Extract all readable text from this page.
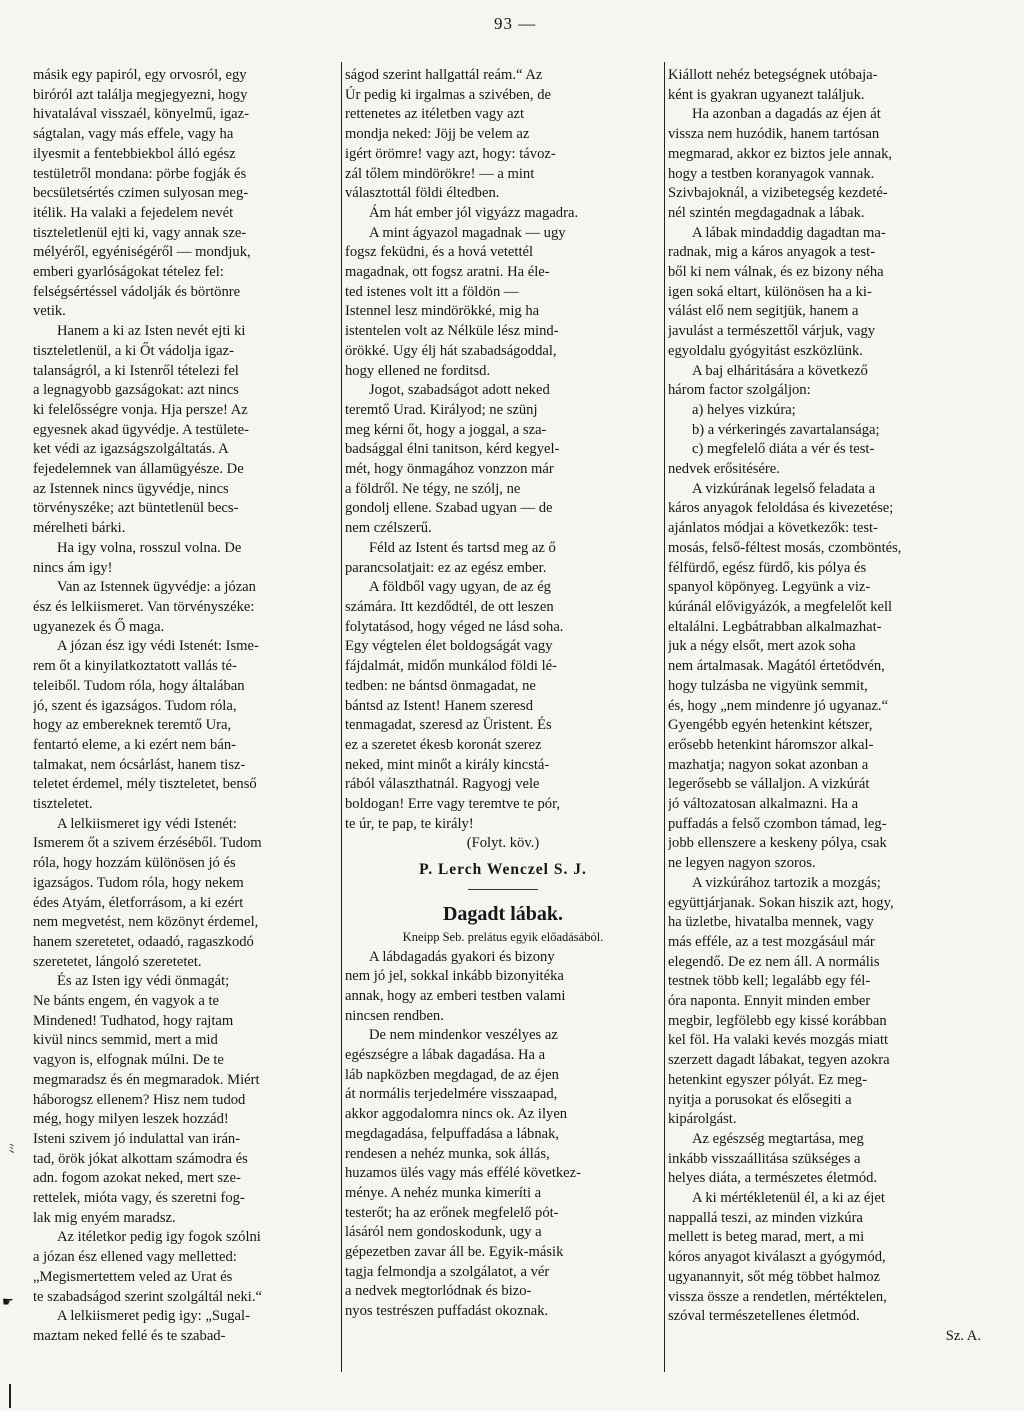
93 —

másik egy papiról, egy orvosról, egy

biróról azt találja megjegyezni, hogy

hivatalával visszaél, könyelmű, igaz-

ságtalan, vagy más effele, vagy ha

ilyesmit a fentebbiekbol álló egész

testületről mondana: pörbe fogják és

becsületsértés czimen sulyosan meg-

itélik. Ha valaki a fejedelem nevét

tiszteletlenül ejti ki, vagy annak sze-

mélyéről, egyéniségéről — mondjuk,

emberi gyarlóságokat tételez fel:

felségsértéssel vádolják és börtönre

vetik.

Hanem a ki az Isten nevét ejti ki

tiszteletlenül, a ki Őt vádolja igaz-

talanságról, a ki Istenről tételezi fel

a legnagyobb gazságokat: azt nincs

ki felelősségre vonja. Hja persze! Az

egyesnek akad ügyvédje. A testülete-

ket védi az igazságszolgáltatás. A

fejedelemnek van államügyésze. De

az Istennek nincs ügyvédje, nincs

törvényszéke; azt büntetlenül becs-

mérelheti bárki.

Ha igy volna, rosszul volna. De

nincs ám igy!

Van az Istennek ügyvédje: a józan

ész és lelkiismeret. Van törvényszéke:

ugyanezek és Ő maga.

A józan ész igy védi Istenét: Isme-

rem őt a kinyilatkoztatott vallás té-

teleiből. Tudom róla, hogy általában

jó, szent és igazságos. Tudom róla,

hogy az embereknek teremtő Ura,

fentartó eleme, a ki ezért nem bán-

talmakat, nem ócsárlást, hanem tisz-

teletet érdemel, mély tiszteletet, benső

tiszteletet.

A lelkiismeret igy védi Istenét:

Ismerem őt a szivem érzéséből. Tudom

róla, hogy hozzám különösen jó és

igazságos. Tudom róla, hogy nekem

édes Atyám, életforrásom, a ki ezért

nem megvetést, nem közönyt érdemel,

hanem szeretetet, odaadó, ragaszkodó

szeretetet, lángoló szeretetet.

És az Isten igy védi önmagát;

Ne bánts engem, én vagyok a te

Mindened! Tudhatod, hogy rajtam

kivül nincs semmid, mert a mid

vagyon is, elfognak múlni. De te

megmaradsz és én megmaradok. Miért

háborogsz ellenem? Hisz nem tudod

még, hogy milyen leszek hozzád!

Isteni szivem jó indulattal van irán-

tad, örök jókat alkottam számodra és

adn. fogom azokat neked, mert sze-

rettelek, mióta vagy, és szeretni fog-

lak mig enyém maradsz.

Az itéletkor pedig igy fogok szólni

a józan ész ellened vagy melletted:

„Megismertettem veled az Urat és

te szabadságod szerint szolgáltál neki.“

A lelkiismeret pedig igy: „Sugal-

maztam neked fellé és te szabad-

ságod szerint hallgattál reám.“ Az

Úr pedig ki irgalmas a szivében, de

rettenetes az itéletben vagy azt

mondja neked: Jöjj be velem az

igért örömre! vagy azt, hogy: távoz-

zál tőlem mindörökre! — a mint

választottál földi éltedben.

Ám hát ember jól vigyázz magadra.

A mint ágyazol magadnak — ugy

fogsz feküdni, és a hová vetettél

magadnak, ott fogsz aratni. Ha éle-

ted istenes volt itt a földön —

Istennel lesz mindörökké, mig ha

istentelen volt az Nélküle lész mind-

örökké. Ugy élj hát szabadságoddal,

hogy ellened ne forditsd.

Jogot, szabadságot adott neked

teremtő Urad. Királyod; ne szünj

meg kérni őt, hogy a joggal, a sza-

badsággal élni tanitson, kérd kegyel-

mét, hogy önmagához vonzzon már

a földről. Ne tégy, ne szólj, ne

gondolj ellene. Szabad ugyan — de

nem czélszerű.

Féld az Istent és tartsd meg az ő

parancsolatjait: ez az egész ember.

A földből vagy ugyan, de az ég

számára. Itt kezdődtél, de ott leszen

folytatásod, hogy véged ne lásd soha.

Egy végtelen élet boldogságát vagy

fájdalmát, midőn munkálod földi lé-

tedben: ne bántsd önmagadat, ne

bántsd az Istent! Hanem szeresd

tenmagadat, szeresd az Üristent. És

ez a szeretet ékesb koronát szerez

neked, mint minőt a király kincstá-

rából választhatnál. Ragyogj vele

boldogan! Erre vagy teremtve te pór,

te úr, te pap, te király!

(Folyt. köv.)

P. Lerch Wenczel S. J.

Dagadt lábak.

Kneipp Seb. prelátus egyik előadásából.

A lábdagadás gyakori és bizony

nem jó jel, sokkal inkább bizonyitéka

annak, hogy az emberi testben valami

nincsen rendben.

De nem mindenkor veszélyes az

egészségre a lábak dagadása. Ha a

láb napközben megdagad, de az éjen

át normális terjedelmére visszaapad,

akkor aggodalomra nincs ok. Az ilyen

megdagadása, felpuffadása a lábnak,

rendesen a nehéz munka, sok állás,

huzamos ülés vagy más effélé következ-

ménye. A nehéz munka kimeríti a

testerőt; ha az erőnek megfelelő pót-

lásáról nem gondoskodunk, ugy a

gépezetben zavar áll be. Egyik-másik

tagja felmondja a szolgálatot, a vér

a nedvek megtorlódnak és bizo-

nyos testrészen puffadást okoznak.

Kiállott nehéz betegségnek utóbaja-

ként is gyakran ugyanezt találjuk.

Ha azonban a dagadás az éjen át

vissza nem huzódik, hanem tartósan

megmarad, akkor ez biztos jele annak,

hogy a testben koranyagok vannak.

Szivbajoknál, a vizibetegség kezdeté-

nél szintén megdagadnak a lábak.

A lábak mindaddig dagadtan ma-

radnak, mig a káros anyagok a test-

ből ki nem válnak, és ez bizony néha

igen soká eltart, különösen ha a ki-

válást elő nem segitjük, hanem a

javulást a természettől várjuk, vagy

egyoldalu gyógyitást eszközlünk.

A baj elháritására a következő

három factor szolgáljon:

a) helyes vizkúra;

b) a vérkeringés zavartalansága;

c) megfelelő diáta a vér és test-

nedvek erősitésére.

A vizkúrának legelső feladata a

káros anyagok feloldása és kivezetése;

ajánlatos módjai a következők: test-

mosás, felső-féltest mosás, czomböntés,

félfürdő, egész fürdő, kis pólya és

spanyol köpönyeg. Legyünk a viz-

kúránál elővigyázók, a megfelelőt kell

eltalálni. Legbátrabban alkalmazhat-

juk a négy elsőt, mert azok soha

nem ártalmasak. Magától értetődvén,

hogy tulzásba ne vigyünk semmit,

és, hogy „nem mindenre jó ugyanaz.“

Gyengébb egyén hetenkint kétszer,

erősebb hetenkint háromszor alkal-

mazhatja; nagyon sokat azonban a

legerősebb se vállaljon. A vizkúrát

jó változatosan alkalmazni. Ha a

puffadás a felső czombon támad, leg-

jobb ellenszere a keskeny pólya, csak

ne legyen nagyon szoros.

A vizkúrához tartozik a mozgás;

együttjárjanak. Sokan hiszik azt, hogy,

ha üzletbe, hivatalba mennek, vagy

más efféle, az a test mozgásául már

elegendő. De ez nem áll. A normális

testnek több kell; legalább egy fél-

óra naponta. Ennyit minden ember

megbir, legfölebb egy kissé korábban

kel föl. Ha valaki kevés mozgás miatt

szerzett dagadt lábakat, tegyen azokra

hetenkint egyszer pólyát. Ez meg-

nyitja a porusokat és elősegiti a

kipárolgást.

Az egészség megtartása, meg

inkább visszaállitása szükséges a

helyes diáta, a természetes életmód.

A ki mértékletenül él, a ki az éjet

nappallá teszi, az minden vizkúra

mellett is beteg marad, mert, a mi

kóros anyagot kiválaszt a gyógymód,

ugyanannyit, sőt még többet halmoz

vissza össze a rendetlen, mértéktelen,

szóval természetellenes életmód.

Sz. A.

ﾐ
☛
